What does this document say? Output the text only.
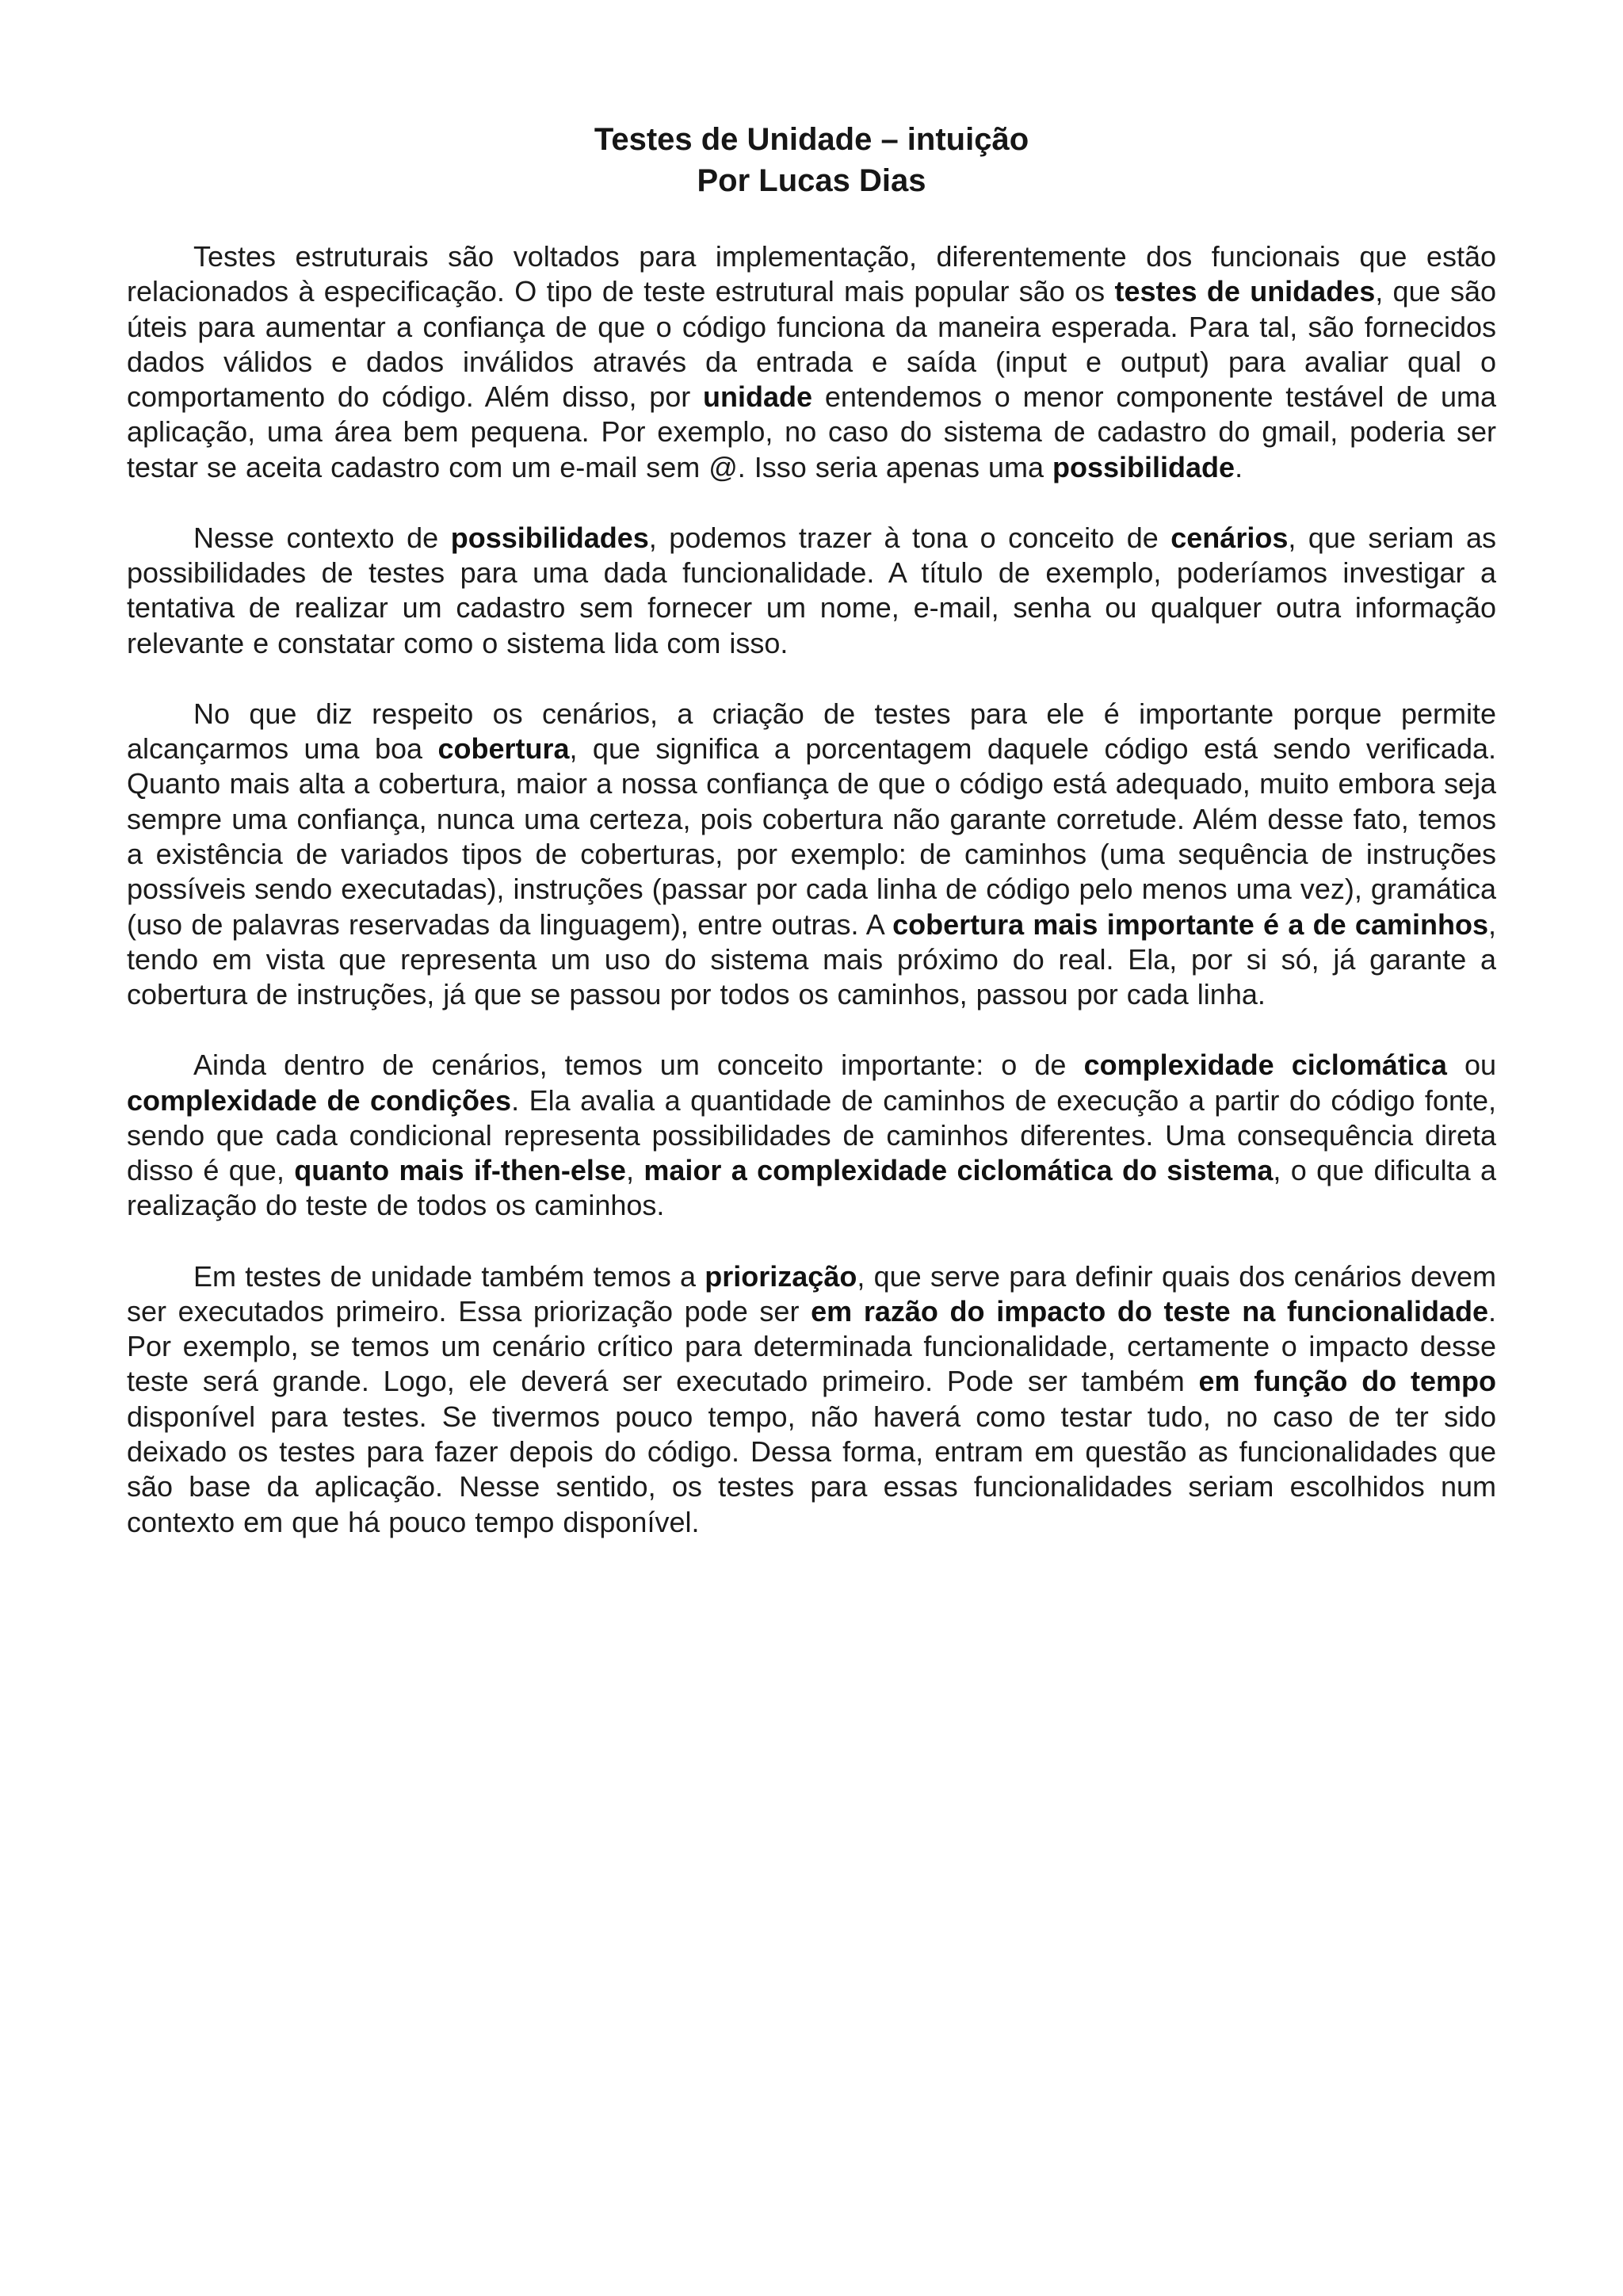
Testes de Unidade – intuição
Por Lucas Dias

Testes estruturais são voltados para implementação, diferentemente dos funcionais que estão relacionados à especificação. O tipo de teste estrutural mais popular são os testes de unidades, que são úteis para aumentar a confiança de que o código funciona da maneira esperada. Para tal, são fornecidos dados válidos e dados inválidos através da entrada e saída (input e output) para avaliar qual o comportamento do código. Além disso, por unidade entendemos o menor componente testável de uma aplicação, uma área bem pequena. Por exemplo, no caso do sistema de cadastro do gmail, poderia ser testar se aceita cadastro com um e-mail sem @. Isso seria apenas uma possibilidade.

Nesse contexto de possibilidades, podemos trazer à tona o conceito de cenários, que seriam as possibilidades de testes para uma dada funcionalidade. A título de exemplo, poderíamos investigar a tentativa de realizar um cadastro sem fornecer um nome, e-mail, senha ou qualquer outra informação relevante e constatar como o sistema lida com isso.

No que diz respeito os cenários, a criação de testes para ele é importante porque permite alcançarmos uma boa cobertura, que significa a porcentagem daquele código está sendo verificada. Quanto mais alta a cobertura, maior a nossa confiança de que o código está adequado, muito embora seja sempre uma confiança, nunca uma certeza, pois cobertura não garante corretude. Além desse fato, temos a existência de variados tipos de coberturas, por exemplo: de caminhos (uma sequência de instruções possíveis sendo executadas), instruções (passar por cada linha de código pelo menos uma vez), gramática (uso de palavras reservadas da linguagem), entre outras. A cobertura mais importante é a de caminhos, tendo em vista que representa um uso do sistema mais próximo do real. Ela, por si só, já garante a cobertura de instruções, já que se passou por todos os caminhos, passou por cada linha.

Ainda dentro de cenários, temos um conceito importante: o de complexidade ciclomática ou complexidade de condições. Ela avalia a quantidade de caminhos de execução a partir do código fonte, sendo que cada condicional representa possibilidades de caminhos diferentes. Uma consequência direta disso é que, quanto mais if-then-else, maior a complexidade ciclomática do sistema, o que dificulta a realização do teste de todos os caminhos.

Em testes de unidade também temos a priorização, que serve para definir quais dos cenários devem ser executados primeiro. Essa priorização pode ser em razão do impacto do teste na funcionalidade. Por exemplo, se temos um cenário crítico para determinada funcionalidade, certamente o impacto desse teste será grande. Logo, ele deverá ser executado primeiro. Pode ser também em função do tempo disponível para testes. Se tivermos pouco tempo, não haverá como testar tudo, no caso de ter sido deixado os testes para fazer depois do código. Dessa forma, entram em questão as funcionalidades que são base da aplicação. Nesse sentido, os testes para essas funcionalidades seriam escolhidos num contexto em que há pouco tempo disponível.
